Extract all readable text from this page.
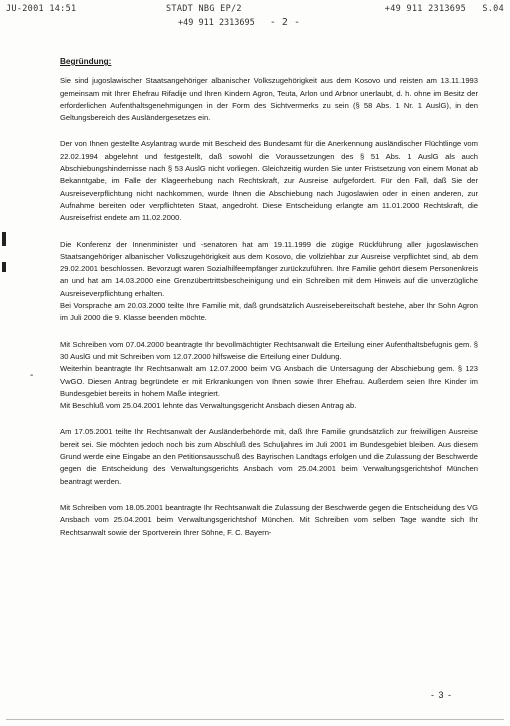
JU-2001 14:51	STADT NBG EP/2	+49 911 2313695 S.04
+49 911 2313695 - 2 -
-
Begründung:
Sie sind jugoslawischer Staatsangehöriger albanischer Volkszugehörigkeit aus dem Kosovo und reisten am 13.11.1993 gemeinsam mit Ihrer Ehefrau Rifadije und Ihren Kindern Agron, Teuta, Arlon und Arbnor unerlaubt, d. h. ohne im Besitz der erforderlichen Aufenthaltsgenehmigungen in der Form des Sichtvermerks zu sein (§ 58 Abs. 1 Nr. 1 AuslG), in den Geltungsbereich des Ausländergesetzes ein.
Der von Ihnen gestellte Asylantrag wurde mit Bescheid des Bundesamt für die Anerkennung ausländischer Flüchtlinge vom 22.02.1994 abgelehnt und festgestellt, daß sowohl die Voraussetzungen des § 51 Abs. 1 AuslG als auch Abschiebungshindernisse nach § 53 AuslG nicht vorliegen. Gleichzeitig wurden Sie unter Fristsetzung von einem Monat ab Bekanntgabe, im Falle der Klageerhebung nach Rechtskraft, zur Ausreise aufgefordert. Für den Fall, daß Sie der Ausreiseverpflichtung nicht nachkommen, wurde Ihnen die Abschiebung nach Jugoslawien oder in einen anderen, zur Aufnahme bereiten oder verpflichteten Staat, angedroht. Diese Entscheidung erlangte am 11.01.2000 Rechtskraft, die Ausreisefrist endete am 11.02.2000.
Die Konferenz der Innenminister und -senatoren hat am 19.11.1999 die zügige Rückführung aller jugoslawischen Staatsangehöriger albanischer Volkszugehörigkeit aus dem Kosovo, die vollziehbar zur Ausreise verpflichtet sind, ab dem 29.02.2001 beschlossen. Bevorzugt waren Sozialhilfeempfänger zurückzuführen. Ihre Familie gehört diesem Personenkreis an und hat am 14.03.2000 eine Grenzübertrittsbescheinigung und ein Schreiben mit dem Hinweis auf die unverzügliche Ausreiseverpflichtung erhalten.
Bei Vorsprache am 20.03.2000 teilte Ihre Familie mit, daß grundsätzlich Ausreisebereitschaft bestehe, aber Ihr Sohn Agron im Juli 2000 die 9. Klasse beenden möchte.
Mit Schreiben vom 07.04.2000 beantragte Ihr bevollmächtigter Rechtsanwalt die Erteilung einer Aufenthaltsbefugnis gem. § 30 AuslG und mit Schreiben vom 12.07.2000 hilfsweise die Erteilung einer Duldung.
Weiterhin beantragte Ihr Rechtsanwalt am 12.07.2000 beim VG Ansbach die Untersagung der Abschiebung gem. § 123 VwGO. Diesen Antrag begründete er mit Erkrankungen von Ihnen sowie Ihrer Ehefrau. Außerdem seien Ihre Kinder im Bundesgebiet bereits in hohem Maße integriert.
Mit Beschluß vom 25.04.2001 lehnte das Verwaltungsgericht Ansbach diesen Antrag ab.
Am 17.05.2001 teilte Ihr Rechtsanwalt der Ausländerbehörde mit, daß Ihre Familie grundsätzlich zur freiwilligen Ausreise bereit sei. Sie möchten jedoch noch bis zum Abschluß des Schuljahres im Juli 2001 im Bundesgebiet bleiben. Aus diesem Grund werde eine Eingabe an den Petitionsausschuß des Bayrischen Landtags erfolgen und die Zulassung der Beschwerde gegen die Entscheidung des Verwaltungsgerichts Ansbach vom 25.04.2001 beim Verwaltungsgerichtshof München beantragt werden.
Mit Schreiben vom 18.05.2001 beantragte Ihr Rechtsanwalt die Zulassung der Beschwerde gegen die Entscheidung des VG Ansbach vom 25.04.2001 beim Verwaltungsgerichtshof München. Mit Schreiben vom selben Tage wandte sich Ihr Rechtsanwalt sowie der Sportverein Ihrer Söhne, F. C. Bayern-
- 3 -
